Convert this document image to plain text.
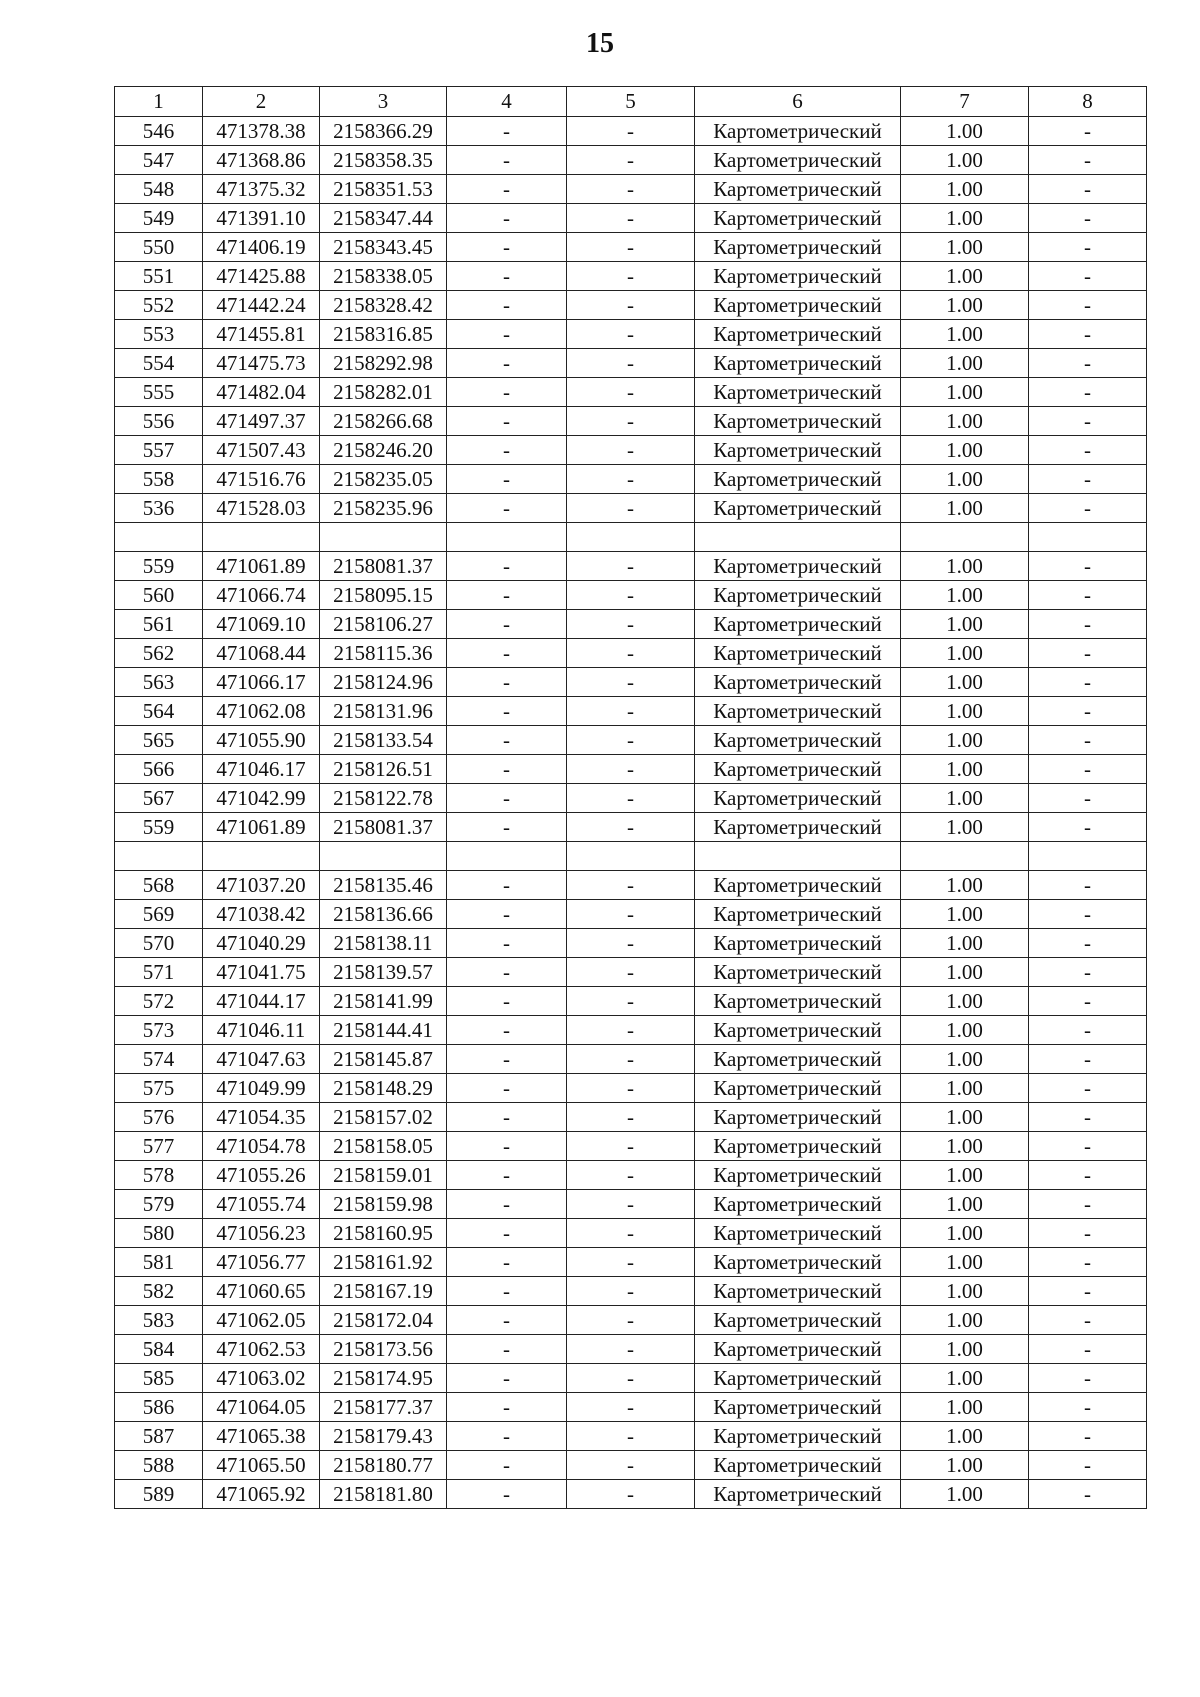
15
1	2	3	4	5	6	7	8
546	471378.38	2158366.29	-	-	Картометрический	1.00	-
547	471368.86	2158358.35	-	-	Картометрический	1.00	-
548	471375.32	2158351.53	-	-	Картометрический	1.00	-
549	471391.10	2158347.44	-	-	Картометрический	1.00	-
550	471406.19	2158343.45	-	-	Картометрический	1.00	-
551	471425.88	2158338.05	-	-	Картометрический	1.00	-
552	471442.24	2158328.42	-	-	Картометрический	1.00	-
553	471455.81	2158316.85	-	-	Картометрический	1.00	-
554	471475.73	2158292.98	-	-	Картометрический	1.00	-
555	471482.04	2158282.01	-	-	Картометрический	1.00	-
556	471497.37	2158266.68	-	-	Картометрический	1.00	-
557	471507.43	2158246.20	-	-	Картометрический	1.00	-
558	471516.76	2158235.05	-	-	Картометрический	1.00	-
536	471528.03	2158235.96	-	-	Картометрический	1.00	-

559	471061.89	2158081.37	-	-	Картометрический	1.00	-
560	471066.74	2158095.15	-	-	Картометрический	1.00	-
561	471069.10	2158106.27	-	-	Картометрический	1.00	-
562	471068.44	2158115.36	-	-	Картометрический	1.00	-
563	471066.17	2158124.96	-	-	Картометрический	1.00	-
564	471062.08	2158131.96	-	-	Картометрический	1.00	-
565	471055.90	2158133.54	-	-	Картометрический	1.00	-
566	471046.17	2158126.51	-	-	Картометрический	1.00	-
567	471042.99	2158122.78	-	-	Картометрический	1.00	-
559	471061.89	2158081.37	-	-	Картометрический	1.00	-

568	471037.20	2158135.46	-	-	Картометрический	1.00	-
569	471038.42	2158136.66	-	-	Картометрический	1.00	-
570	471040.29	2158138.11	-	-	Картометрический	1.00	-
571	471041.75	2158139.57	-	-	Картометрический	1.00	-
572	471044.17	2158141.99	-	-	Картометрический	1.00	-
573	471046.11	2158144.41	-	-	Картометрический	1.00	-
574	471047.63	2158145.87	-	-	Картометрический	1.00	-
575	471049.99	2158148.29	-	-	Картометрический	1.00	-
576	471054.35	2158157.02	-	-	Картометрический	1.00	-
577	471054.78	2158158.05	-	-	Картометрический	1.00	-
578	471055.26	2158159.01	-	-	Картометрический	1.00	-
579	471055.74	2158159.98	-	-	Картометрический	1.00	-
580	471056.23	2158160.95	-	-	Картометрический	1.00	-
581	471056.77	2158161.92	-	-	Картометрический	1.00	-
582	471060.65	2158167.19	-	-	Картометрический	1.00	-
583	471062.05	2158172.04	-	-	Картометрический	1.00	-
584	471062.53	2158173.56	-	-	Картометрический	1.00	-
585	471063.02	2158174.95	-	-	Картометрический	1.00	-
586	471064.05	2158177.37	-	-	Картометрический	1.00	-
587	471065.38	2158179.43	-	-	Картометрический	1.00	-
588	471065.50	2158180.77	-	-	Картометрический	1.00	-
589	471065.92	2158181.80	-	-	Картометрический	1.00	-
